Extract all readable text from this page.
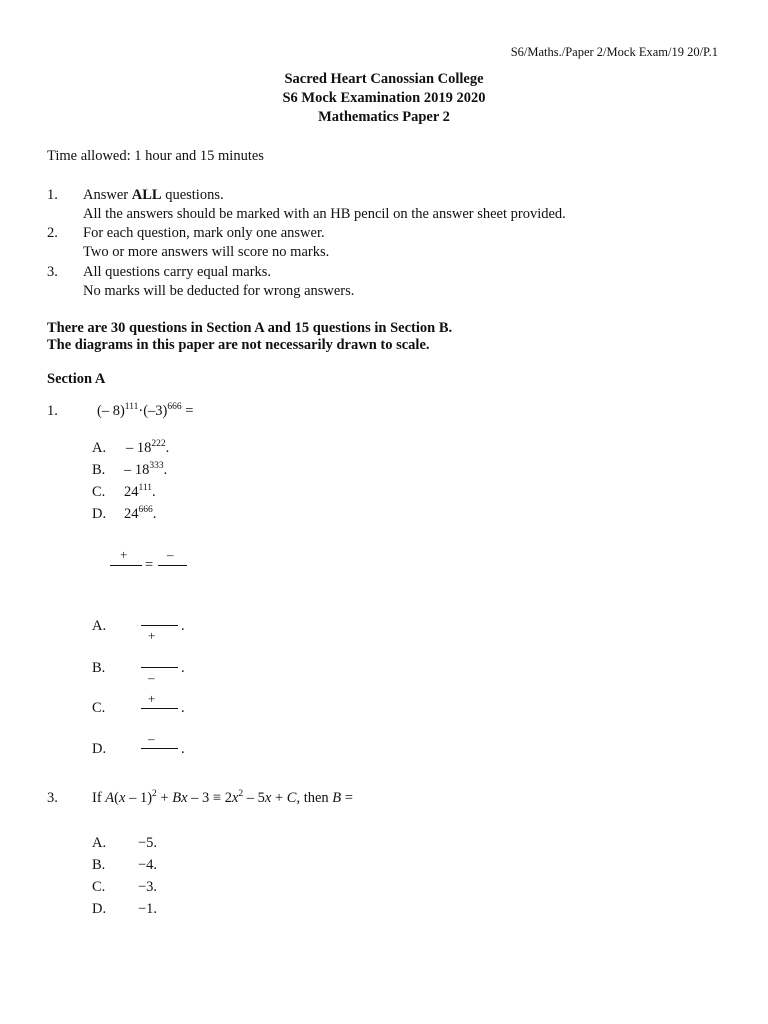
S6/Maths./Paper 2/Mock Exam/19 20/P.1
Sacred Heart Canossian College
S6 Mock Examination 2019 2020
Mathematics Paper 2
Time allowed: 1 hour and 15 minutes
1. Answer ALL questions.
All the answers should be marked with an HB pencil on the answer sheet provided.
2. For each question, mark only one answer.
Two or more answers will score no marks.
3. All questions carry equal marks.
No marks will be deducted for wrong answers.
There are 30 questions in Section A and 15 questions in Section B.
The diagrams in this paper are not necessarily drawn to scale.
Section A
1.	(– $8)^{111}\cdot(-3)^{666}$ =
A. – $18^{222}$.
B. – $18^{333}$.
C. $24^{111}$.
D. $24^{666}$.
+
=
–
A.
+
.
B.
–
.
C.
+
.
D.
–
.
3. If $A(x - 1)^2 + Bx - 3 \equiv 2x^2 - 5x + C$, then B =
A. −5.
B. −4.
C. −3.
D. −1.
